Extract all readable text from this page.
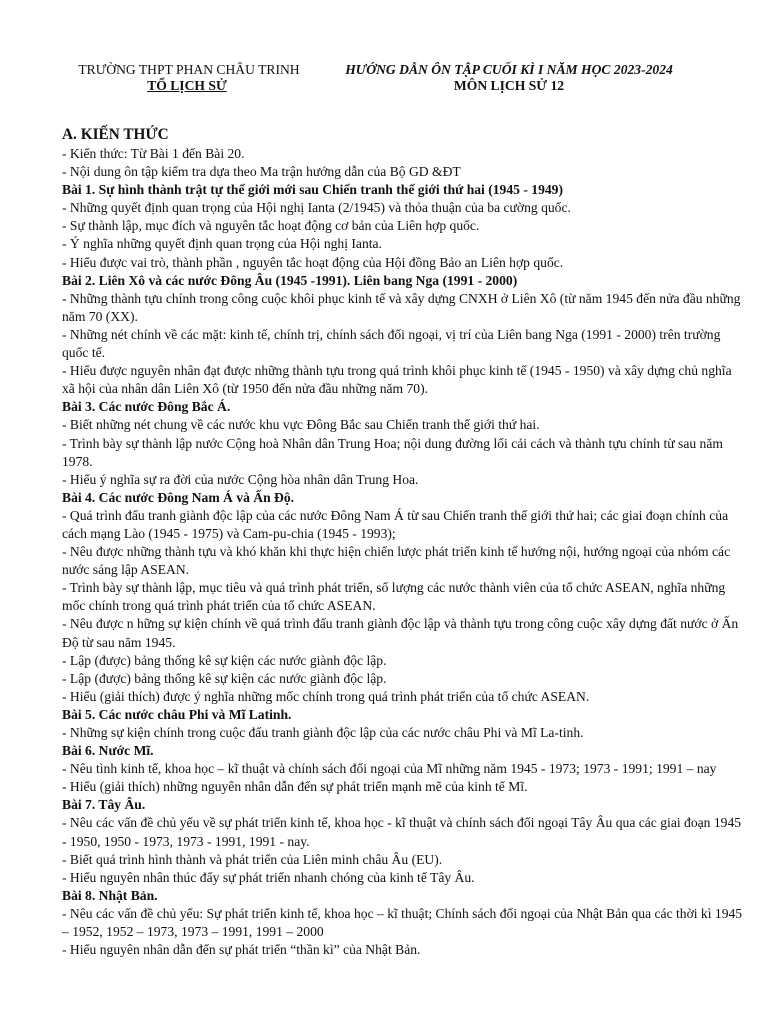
TRƯỜNG THPT PHAN CHÂU TRINH
TỔ LỊCH SỬ
HƯỚNG DẪN ÔN TẬP CUỐI KÌ I NĂM HỌC 2023-2024
MÔN LỊCH SỬ 12

A. KIẾN THỨC

- Kiến thức: Từ Bài 1 đến Bài 20.

- Nội dung ôn tập kiểm tra dựa theo Ma trận hướng dẫn của Bộ GD &ĐT

Bài 1. Sự hình thành trật tự thế giới mới sau Chiến tranh thế giới thứ hai (1945 - 1949)

- Những quyết định quan trọng của Hội nghị Ianta (2/1945) và thỏa thuận của ba cường quốc.

- Sự thành lập, mục đích và nguyên tắc hoạt động cơ bản của Liên hợp quốc.

- Ý nghĩa những quyết định quan trọng của Hội nghị Ianta.

- Hiểu được vai trò, thành phần , nguyên tắc hoạt động của Hội đồng Bảo an Liên hợp quốc.

Bài 2. Liên Xô và các nước Đông Âu (1945 -1991). Liên bang Nga (1991 - 2000)

- Những thành tựu chính trong công cuộc khôi phục kinh tế và xây dựng CNXH ở Liên Xô (từ năm 1945 đến nửa đầu những năm 70 (XX).

- Những nét chính về các mặt: kinh tế, chính trị, chính sách đối ngoại, vị trí của Liên bang Nga (1991 - 2000) trên trường quốc tế.

- Hiểu được nguyên nhân đạt được những thành tựu trong quá trình khôi phục kinh tế (1945 - 1950) và xây dựng chủ nghĩa xã hội của nhân dân Liên Xô (từ 1950 đến nửa đầu những năm 70).

Bài 3. Các nước Đông Bắc Á.

- Biết những nét chung về các nước khu vực Đông Bắc sau Chiến tranh thế giới thứ hai.

- Trình bày sự thành lập nước Cộng hoà Nhân dân Trung Hoa; nội dung đường lối cải cách và thành tựu chính từ sau năm 1978.

- Hiểu ý nghĩa sự ra đời của nước Cộng hòa nhân dân Trung Hoa.

Bài 4. Các nước Đông Nam Á và Ấn Độ.

- Quá trình đấu tranh giành độc lập của các nước Đông Nam Á từ sau Chiến tranh thế giới thứ hai; các giai đoạn chính của cách mạng Lào (1945 - 1975) và Cam-pu-chia (1945 - 1993);

- Nêu được những thành tựu và khó khăn khi thực hiện chiến lược phát triển kinh tế hướng nội, hướng ngoại của nhóm các nước sáng lập ASEAN.

- Trình bày sự thành lập, mục tiêu và quá trình phát triển, số lượng các nước thành viên của tổ chức ASEAN, nghĩa những mốc chính trong quá trình phát triển của tổ chức ASEAN.

- Nêu được n hững sự kiện chính về quá trình đấu tranh giành độc lập và thành tựu trong công cuộc xây dựng đất nước ở Ấn Độ từ sau năm 1945.

- Lập (được) bảng thống kê sự kiện các nước giành độc lập.

- Lập (được) bảng thống kê sự kiện các nước giành độc lập.

- Hiểu (giải thích) được ý nghĩa những mốc chính trong quá trình phát triển của tổ chức ASEAN.

Bài 5. Các nước châu Phi và Mĩ Latinh.

- Những sự kiện chính trong cuộc đấu tranh giành độc lập của các nước châu Phi và Mĩ La-tinh.

Bài 6. Nước Mĩ.

- Nêu tình kinh tế, khoa học – kĩ thuật và chính sách đối ngoại của Mĩ những năm 1945 - 1973; 1973 - 1991; 1991 – nay

- Hiểu (giải thích) những nguyên nhân dẫn đến sự phát triển mạnh mẽ của kinh tế Mĩ.

Bài 7. Tây Âu.

- Nêu các vấn đề chủ yếu về sự phát triển kinh tế, khoa học - kĩ thuật và chính sách đối ngoại Tây Âu qua các giai đoạn 1945 - 1950, 1950 - 1973, 1973 - 1991, 1991 - nay.

- Biết quá trình hình thành và phát triển của Liên minh châu Âu (EU).

- Hiểu nguyên nhân thúc đẩy sự phát triển nhanh chóng của kinh tế Tây Âu.

Bài 8. Nhật Bản.

- Nêu các vấn đề chủ yếu: Sự phát triển kinh tế, khoa học – kĩ thuật; Chính sách đối ngoại của Nhật Bản qua các thời kì 1945 – 1952, 1952 – 1973, 1973 – 1991, 1991 – 2000

- Hiểu nguyên nhân dẫn đến sự phát triển “thần kì” của Nhật Bản.
